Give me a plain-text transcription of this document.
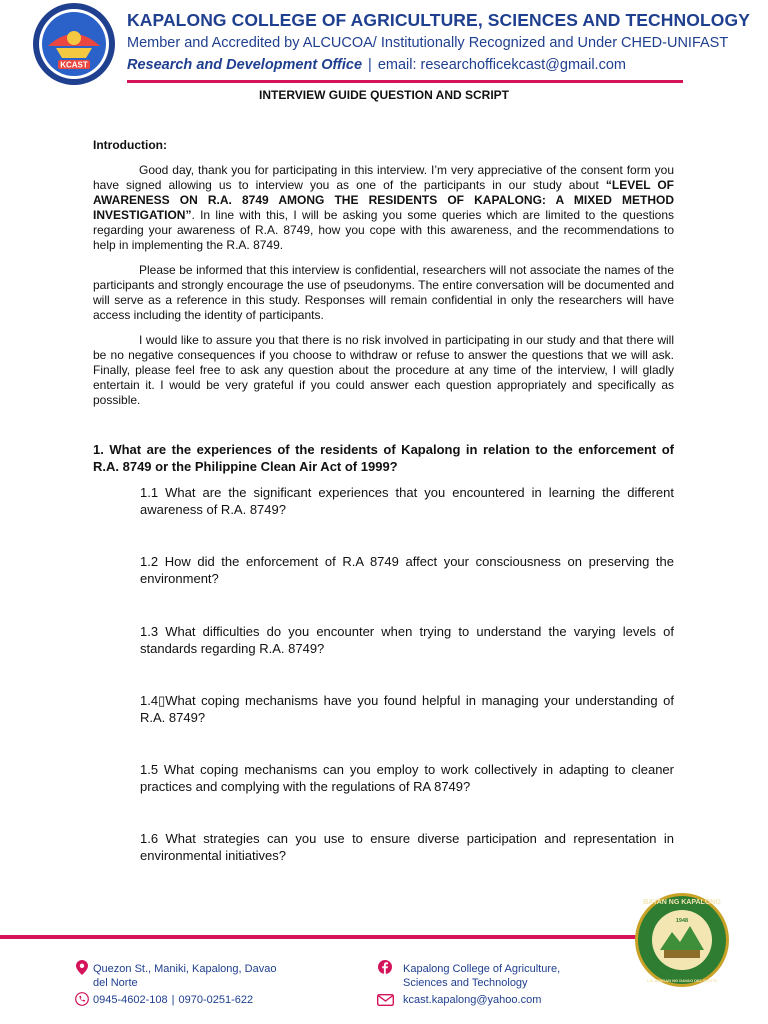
KCAST
KAPALONG COLLEGE OF AGRICULTURE, SCIENCES AND TECHNOLOGY
Member and Accredited by ALCUCOA/ Institutionally Recognized and Under CHED-UNIFAST
Research and Development Office | email: researchofficekcast@gmail.com
INTERVIEW GUIDE QUESTION AND SCRIPT
Introduction:

Good day, thank you for participating in this interview. I’m very appreciative of the consent form you have signed allowing us to interview you as one of the participants in our study about “LEVEL OF AWARENESS ON R.A. 8749 AMONG THE RESIDENTS OF KAPALONG: A MIXED METHOD INVESTIGATION”. In line with this, I will be asking you some queries which are limited to the questions regarding your awareness of R.A. 8749, how you cope with this awareness, and the recommendations to help in implementing the R.A. 8749.

Please be informed that this interview is confidential, researchers will not associate the names of the participants and strongly encourage the use of pseudonyms. The entire conversation will be documented and will serve as a reference in this study. Responses will remain confidential in only the researchers will have access including the identity of participants.

I would like to assure you that there is no risk involved in participating in our study and that there will be no negative consequences if you choose to withdraw or refuse to answer the questions that we will ask. Finally, please feel free to ask any question about the procedure at any time of the interview, I will gladly entertain it. I would be very grateful if you could answer each question appropriately and specifically as possible.

1. What are the experiences of the residents of Kapalong in relation to the enforcement of R.A. 8749 or the Philippine Clean Air Act of 1999?
1.1 What are the significant experiences that you encountered in learning the different awareness of R.A. 8749?
1.2 How did the enforcement of R.A 8749 affect your consciousness on preserving the environment?
1.3 What difficulties do you encounter when trying to understand the varying levels of standards regarding R.A. 8749?
1.4▯What coping mechanisms have you found helpful in managing your understanding of R.A. 8749?
1.5 What coping mechanisms can you employ to work collectively in adapting to cleaner practices and complying with the regulations of RA 8749?
1.6 What strategies can you use to ensure diverse participation and representation in environmental initiatives?
1948
BAYAN NG KAPALONG
LALAWIGAN NG DAVAO DEL NORTE
Quezon St., Maniki, Kapalong, Davao del Norte
0945-4602-108 | 0970-0251-622
Kapalong College of Agriculture, Sciences and Technology
kcast.kapalong@yahoo.com
